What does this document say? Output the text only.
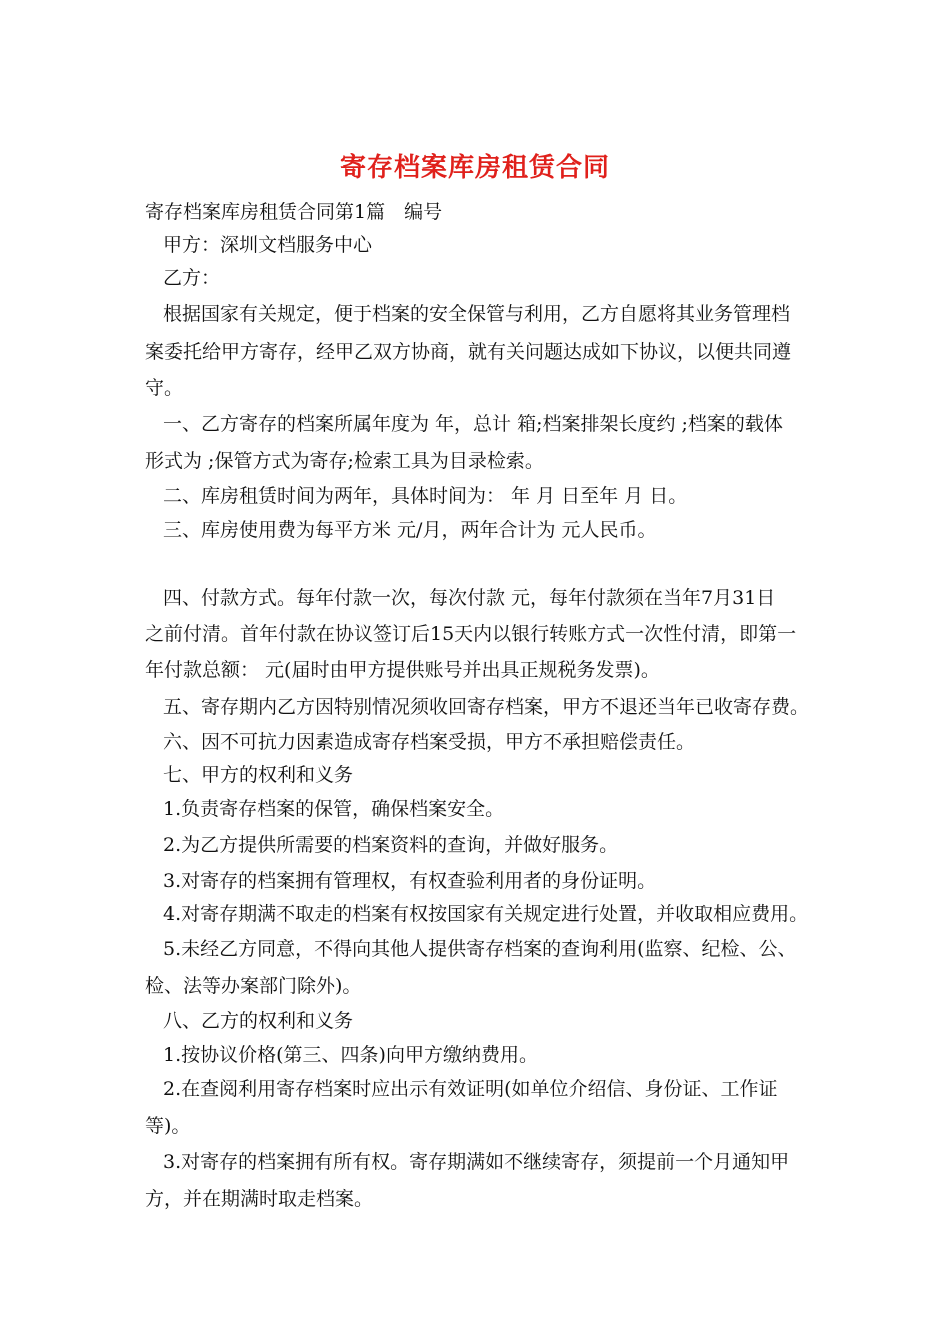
寄存档案库房租赁合同
寄存档案库房租赁合同第1篇　编号
甲方：深圳文档服务中心
乙方：
根据国家有关规定，便于档案的安全保管与利用，乙方自愿将其业务管理档
案委托给甲方寄存，经甲乙双方协商，就有关问题达成如下协议，以便共同遵
守。
一、乙方寄存的档案所属年度为 年，总计 箱;档案排架长度约 ;档案的载体
形式为 ;保管方式为寄存;检索工具为目录检索。
二、库房租赁时间为两年，具体时间为： 年 月 日至年 月 日。
三、库房使用费为每平方米 元/月，两年合计为 元人民币。
四、付款方式。每年付款一次，每次付款 元，每年付款须在当年7月31日
之前付清。首年付款在协议签订后15天内以银行转账方式一次性付清，即第一
年付款总额： 元(届时由甲方提供账号并出具正规税务发票)。
五、寄存期内乙方因特别情况须收回寄存档案，甲方不退还当年已收寄存费。
六、因不可抗力因素造成寄存档案受损，甲方不承担赔偿责任。
七、甲方的权利和义务
1.负责寄存档案的保管，确保档案安全。
2.为乙方提供所需要的档案资料的查询，并做好服务。
3.对寄存的档案拥有管理权，有权查验利用者的身份证明。
4.对寄存期满不取走的档案有权按国家有关规定进行处置，并收取相应费用。
5.未经乙方同意，不得向其他人提供寄存档案的查询利用(监察、纪检、公、
检、法等办案部门除外)。
八、乙方的权利和义务
1.按协议价格(第三、四条)向甲方缴纳费用。
2.在查阅利用寄存档案时应出示有效证明(如单位介绍信、身份证、工作证
等)。
3.对寄存的档案拥有所有权。寄存期满如不继续寄存，须提前一个月通知甲
方，并在期满时取走档案。
